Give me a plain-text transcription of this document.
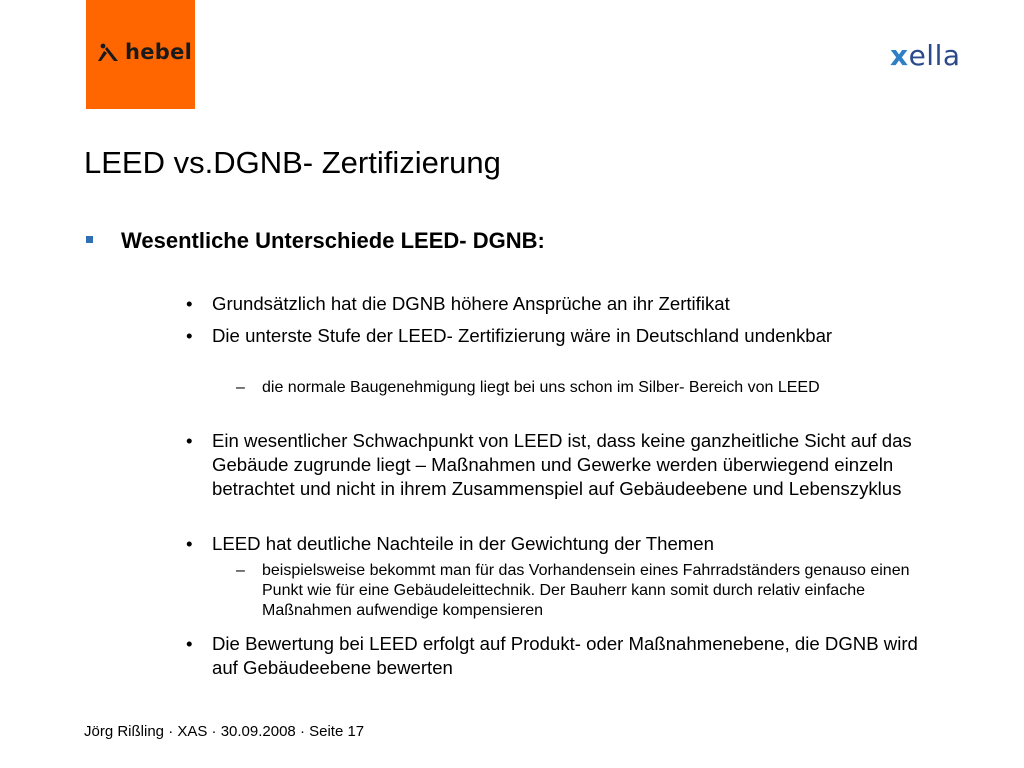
hebel	xella
LEED vs.DGNB- Zertifizierung
Wesentliche Unterschiede LEED- DGNB:
• Grundsätzlich hat die DGNB höhere Ansprüche an ihr Zertifikat
• Die unterste Stufe der LEED- Zertifizierung wäre in Deutschland undenkbar
– die normale Baugenehmigung liegt bei uns schon im Silber- Bereich von LEED
• Ein wesentlicher Schwachpunkt von LEED ist, dass keine ganzheitliche Sicht auf das Gebäude zugrunde liegt – Maßnahmen und Gewerke werden überwiegend einzeln betrachtet und nicht in ihrem Zusammenspiel auf Gebäudeebene und Lebenszyklus
• LEED hat deutliche Nachteile in der Gewichtung der Themen
– beispielsweise bekommt man für das Vorhandensein eines Fahrradständers genauso einen Punkt wie für eine Gebäudeleittechnik. Der Bauherr kann somit durch relativ einfache Maßnahmen aufwendige kompensieren
• Die Bewertung bei LEED erfolgt auf Produkt- oder Maßnahmenebene, die DGNB wird auf Gebäudeebene bewerten
Jörg Rißling · XAS · 30.09.2008 · Seite 17
